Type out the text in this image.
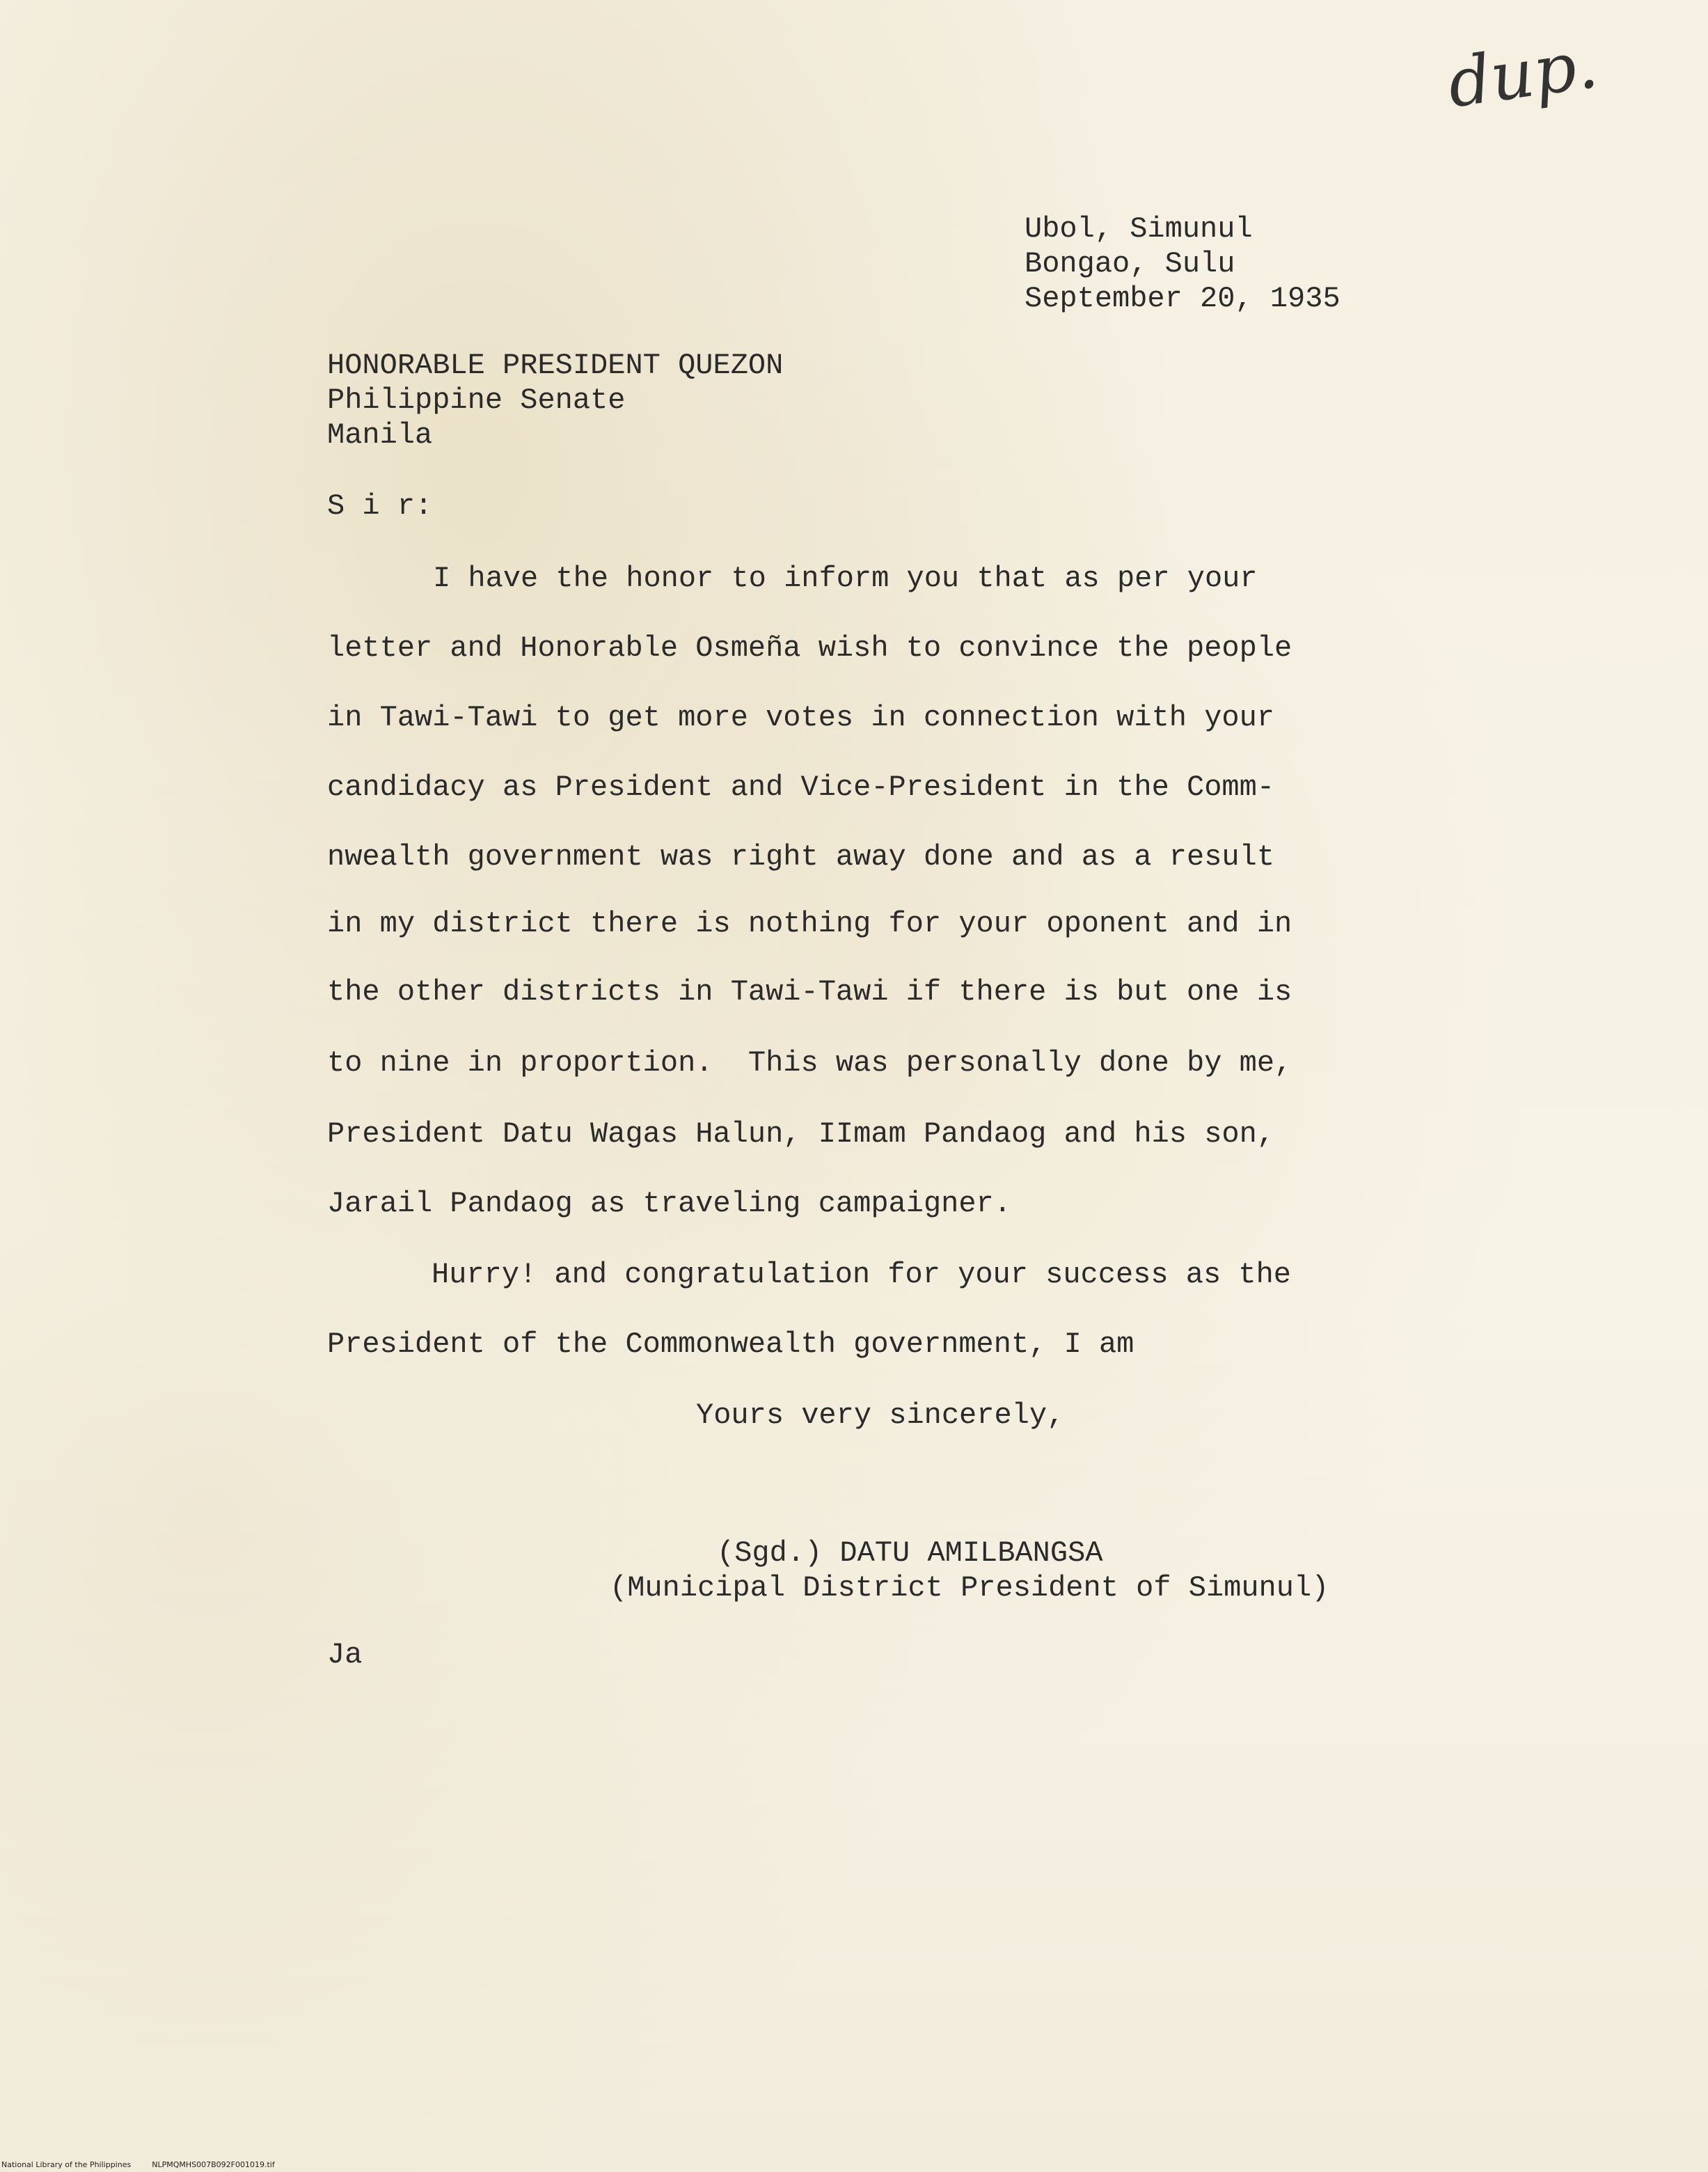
dup.
Ubol, Simunul
Bongao, Sulu
September 20, 1935
HONORABLE PRESIDENT QUEZON
Philippine Senate
Manila
S i r:
I have the honor to inform you that as per your
letter and Honorable Osmeña wish to convince the people
in Tawi-Tawi to get more votes in connection with your
candidacy as President and Vice-President in the Comm-
nwealth government was right away done and as a result
in my district there is nothing for your oponent and in
the other districts in Tawi-Tawi if there is but one is
to nine in proportion.  This was personally done by me,
President Datu Wagas Halun, IImam Pandaog and his son,
Jarail Pandaog as traveling campaigner.
Hurry! and congratulation for your success as the
President of the Commonwealth government, I am
Yours very sincerely,
(Sgd.) DATU AMILBANGSA
(Municipal District President of Simunul)
Ja
National Library of the Philippines	NLPMQMHS007B092F001019.tif
